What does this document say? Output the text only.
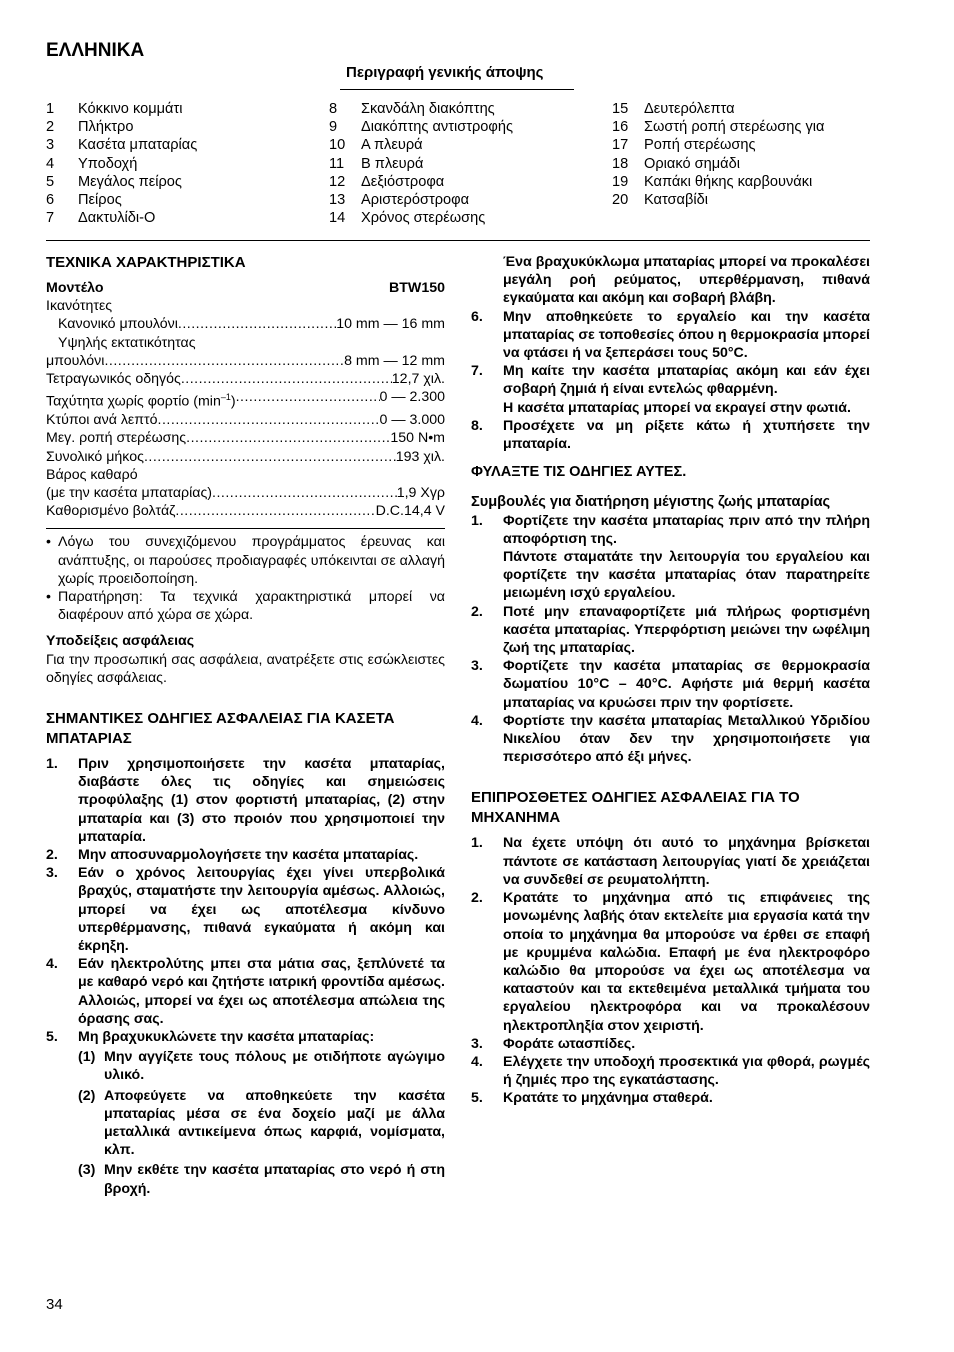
ΕΛΛΗΝΙΚΑ
Περιγραφή γενικής άποψης
1	Κόκκινο κομμάτι
2	Πλήκτρο
3	Κασέτα μπαταρίας
4	Υποδοχή
5	Μεγάλος πείρος
6	Πείρος
7	Δακτυλίδι-Ο
8	Σκανδάλη διακόπτης
9	Διακόπτης αντιστροφής
10	Α πλευρά
11	Β πλευρά
12	Δεξιόστροφα
13	Αριστερόστροφα
14	Χρόνος στερέωσης
15	Δευτερόλεπτα
16	Σωστή ροπή στερέωσης για
17	Ροπή στερέωσης
18	Οριακό σημάδι
19	Καπάκι θήκης καρβουνάκι
20	Κατσαβίδι
ΤΕΧΝΙΚΑ ΧΑΡΑΚΤΗΡΙΣΤΙΚΑ
Μοντέλο	BTW150
Ικανότητες
Κανονικό μπουλόνι .....	10 mm — 16 mm
Υψηλής εκτατικότητας
μπουλόνι .....	8 mm — 12 mm
Τετραγωνικός οδηγός .....	12,7 χιλ.
Ταχύτητα χωρίς φορτίο $(\min^{-1})$ .....	0 — 2.300
Κτύποι ανά λεπτό .....	0 — 3.000
Μεγ. ροπή στερέωσης .....	150 N•m
Συνολικό μήκος .....	193 χιλ.
Βάρος καθαρό
(με την κασέτα μπαταρίας) .....	1,9 Χγρ
Καθορισμένο βολτάζ .....	D.C.14,4 V
• Λόγω του συνεχιζόμενου προγράμματος έρευνας και ανάπτυξης, οι παρούσες προδιαγραφές υπόκεινται σε αλλαγή χωρίς προειδοποίηση.
• Παρατήρηση: Τα τεχνικά χαρακτηριστικά μπορεί να διαφέρουν από χώρα σε χώρα.
Υποδείξεις ασφάλειας
Για την προσωπική σας ασφάλεια, ανατρέξετε στις εσώκλειστες οδηγίες ασφάλειας.
ΣΗΜΑΝΤΙΚΕΣ ΟΔΗΓΙΕΣ ΑΣΦΑΛΕΙΑΣ ΓΙΑ ΚΑΣΕΤΑ ΜΠΑΤΑΡΙΑΣ
1.	Πριν χρησιμοποιήσετε την κασέτα μπαταρίας, διαβάστε όλες τις οδηγίες και σημειώσεις προφύλαξης (1) στον φορτιστή μπαταρίας, (2) στην μπαταρία και (3) στο προιόν που χρησιμοποιεί την μπαταρία.
2.	Μην αποσυναρμολογήσετε την κασέτα μπαταρίας.
3.	Εάν ο χρόνος λειτουργίας έχει γίνει υπερβολικά βραχύς, σταματήστε την λειτουργία αμέσως. Αλλοιώς, μπορεί να έχει ως αποτέλεσμα κίνδυνο υπερθέρμανσης, πιθανά εγκαύματα ή ακόμη και έκρηξη.
4.	Εάν ηλεκτρολύτης μπει στα μάτια σας, ξεπλύνετέ τα με καθαρό νερό και ζητήστε ιατρική φροντίδα αμέσως. Αλλοιώς, μπορεί να έχει ως αποτέλεσμα απώλεια της όρασης σας.
5.	Μη βραχυκυκλώνετε την κασέτα μπαταρίας:
(1) Μην αγγίζετε τους πόλους με οτιδήποτε αγώγιμο υλικό.
(2) Αποφεύγετε να αποθηκεύετε την κασέτα μπαταρίας μέσα σε ένα δοχείο μαζί με άλλα μεταλλικά αντικείμενα όπως καρφιά, νομίσματα, κλπ.
(3) Μην εκθέτε την κασέτα μπαταρίας στο νερό ή στη βροχή.
Ένα βραχυκύκλωμα μπαταρίας μπορεί να προκαλέσει μεγάλη ροή ρεύματος, υπερθέρμανση, πιθανά εγκαύματα και ακόμη και σοβαρή βλάβη.
6.	Μην αποθηκεύετε το εργαλείο και την κασέτα μπαταρίας σε τοποθεσίες όπου η θερμοκρασία μπορεί να φτάσει ή να ξεπεράσει τους 50°C.
7.	Μη καίτε την κασέτα μπαταρίας ακόμη και εάν έχει σοβαρή ζημιά ή είναι εντελώς φθαρμένη.
Η κασέτα μπαταρίας μπορεί να εκραγεί στην φωτιά.
8.	Προσέχετε να μη ρίξετε κάτω ή χτυπήσετε την μπαταρία.
ΦΥΛΑΞΤΕ ΤΙΣ ΟΔΗΓΙΕΣ ΑΥΤΕΣ.
Συμβουλές για διατήρηση μέγιστης ζωής μπαταρίας
1.	Φορτίζετε την κασέτα μπαταρίας πριν από την πλήρη αποφόρτιση της.
Πάντοτε σταματάτε την λειτουργία του εργαλείου και φορτίζετε την κασέτα μπαταρίας όταν παρατηρείτε μειωμένη ισχύ εργαλείου.
2.	Ποτέ μην επαναφορτίζετε μιά πλήρως φορτισμένη κασέτα μπαταρίας. Υπερφόρτιση μειώνει την ωφέλιμη ζωή της μπαταρίας.
3.	Φορτίζετε την κασέτα μπαταρίας σε θερμοκρασία δωματίου 10°C – 40°C. Αφήστε μιά θερμή κασέτα μπαταρίας να κρυώσει πριν την φορτίσετε.
4.	Φορτίστε την κασέτα μπαταρίας Μεταλλικού Υδριδίου Νικελίου όταν δεν την χρησιμοποιήσετε για περισσότερο από έξι μήνες.
ΕΠΙΠΡΟΣΘΕΤΕΣ ΟΔΗΓΙΕΣ ΑΣΦΑΛΕΙΑΣ ΓΙΑ ΤΟ ΜΗΧΑΝΗΜΑ
1.	Να έχετε υπόψη ότι αυτό το μηχάνημα βρίσκεται πάντοτε σε κατάσταση λειτουργίας γιατί δε χρειάζεται να συνδεθεί σε ρευματολήπτη.
2.	Κρατάτε το μηχάνημα από τις επιφάνειες της μονωμένης λαβής όταν εκτελείτε μια εργασία κατά την οποία το μηχάνημα θα μπορούσε να έρθει σε επαφή με κρυμμένα καλώδια. Επαφή με ένα ηλεκτροφόρο καλώδιο θα μπορούσε να έχει ως αποτέλεσμα να καταστούν και τα εκτεθειμένα μεταλλικά τμήματα του εργαλείου ηλεκτροφόρα και να προκαλέσουν ηλεκτροπληξία στον χειριστή.
3.	Φοράτε ωτασπίδες.
4.	Ελέγχετε την υποδοχή προσεκτικά για φθορά, ρωγμές ή ζημιές προ της εγκατάστασης.
5.	Κρατάτε το μηχάνημα σταθερά.
34
